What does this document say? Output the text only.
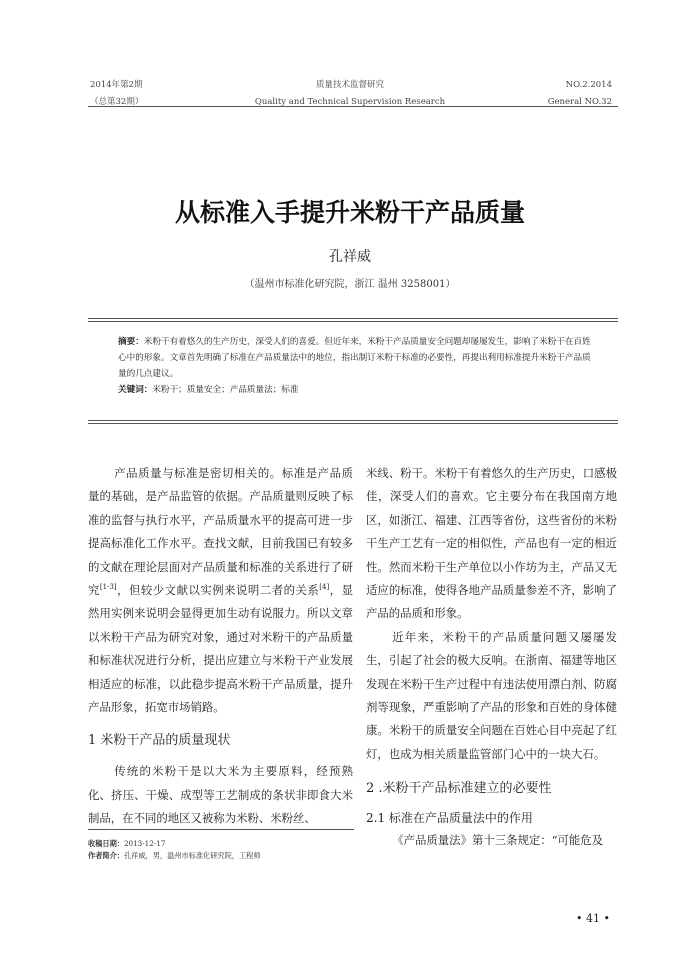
2014年第2期
（总第32期）
质量技术监督研究
Quality and Technical Supervision Research
NO.2.2014
General NO.32
从标准入手提升米粉干产品质量
孔祥威
（温州市标准化研究院，浙江 温州 3258001）
摘要：米粉干有着悠久的生产历史，深受人们的喜爱。但近年来，米粉干产品质量安全问题却屡屡发生，影响了米粉干在百姓心中的形象。文章首先明确了标准在产品质量法中的地位，指出制订米粉干标准的必要性，再提出利用标准提升米粉干产品质量的几点建议。
关键词：米粉干；质量安全；产品质量法；标准

产品质量与标准是密切相关的。标准是产品质量的基础，是产品监管的依据。产品质量则反映了标准的监督与执行水平，产品质量水平的提高可进一步提高标准化工作水平。查找文献，目前我国已有较多的文献在理论层面对产品质量和标准的关系进行了研究[1-3]，但较少文献以实例来说明二者的关系[4]，显然用实例来说明会显得更加生动有说服力。所以文章以米粉干产品为研究对象，通过对米粉干的产品质量和标准状况进行分析，提出应建立与米粉干产业发展相适应的标准，以此稳步提高米粉干产品质量，提升产品形象，拓宽市场销路。

1 米粉干产品的质量现状

传统的米粉干是以大米为主要原料，经预熟化、挤压、干燥、成型等工艺制成的条状非即食大米制品，在不同的地区又被称为米粉、米粉丝、

米线、粉干。米粉干有着悠久的生产历史，口感极佳，深受人们的喜欢。它主要分布在我国南方地区，如浙江、福建、江西等省份，这些省份的米粉干生产工艺有一定的相似性，产品也有一定的相近性。然而米粉干生产单位以小作坊为主，产品又无适应的标准，使得各地产品质量参差不齐，影响了产品的品质和形象。

近年来，米粉干的产品质量问题又屡屡发生，引起了社会的极大反响。在浙南、福建等地区发现在米粉干生产过程中有违法使用漂白剂、防腐剂等现象，严重影响了产品的形象和百姓的身体健康。米粉干的质量安全问题在百姓心目中亮起了红灯，也成为相关质量监管部门心中的一块大石。

2 .米粉干产品标准建立的必要性
2.1 标准在产品质量法中的作用

《产品质量法》第十三条规定：“可能危及

收稿日期：2013-12-17
作者简介：孔祥威，男，温州市标准化研究院，工程师
• 41 •
